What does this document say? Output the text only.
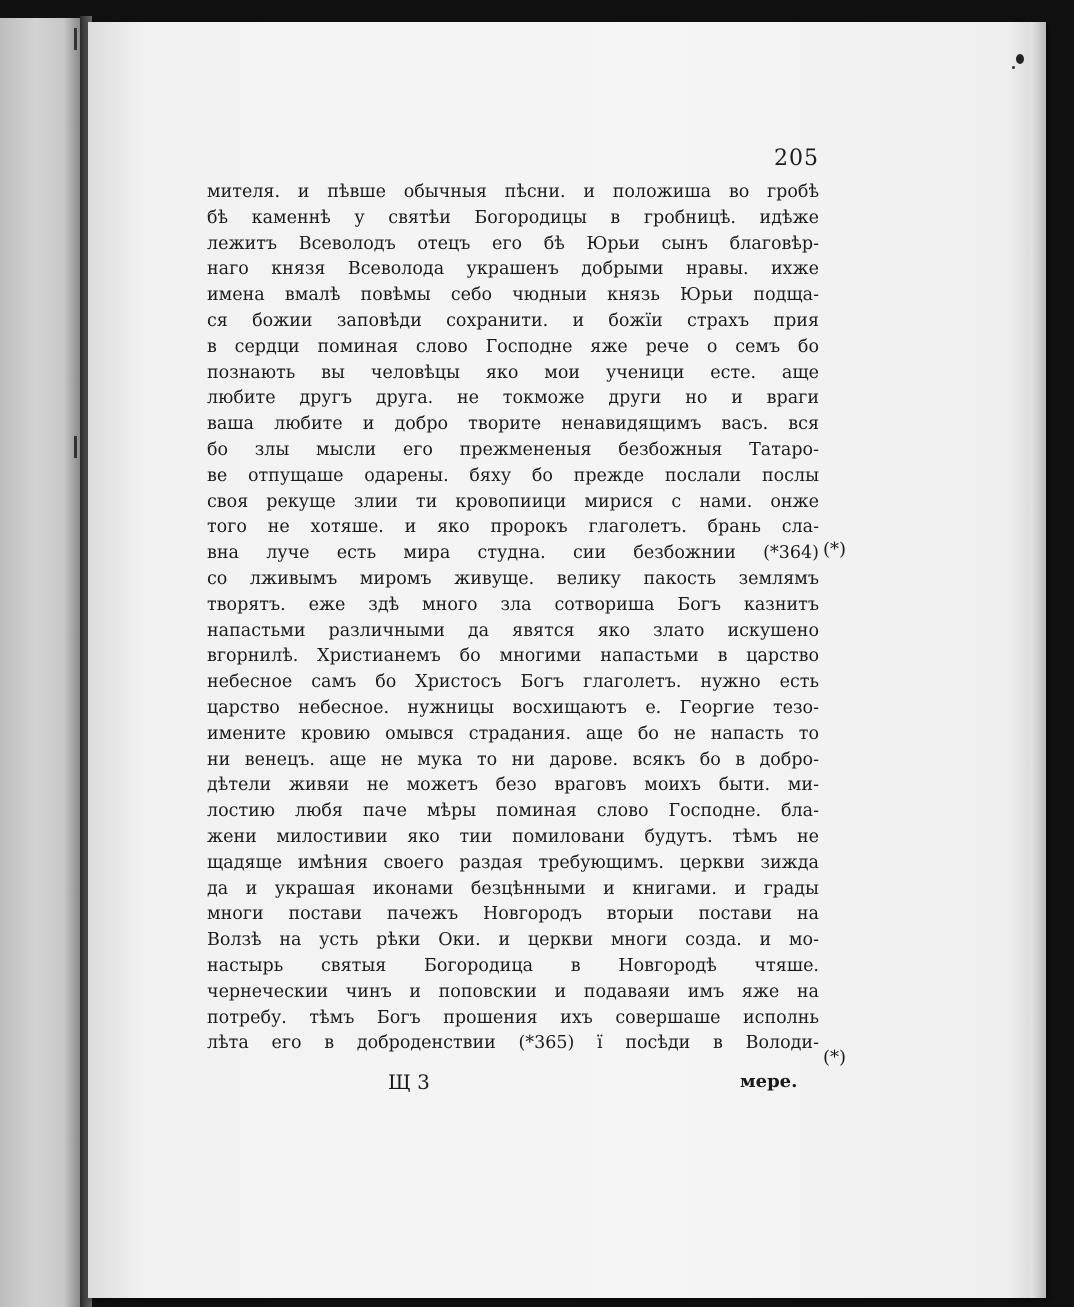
205
мителя. и пѣвше обычныя пѣсни. и положиша во гробѣ
бѣ каменнѣ у святѣи Богородицы в гробницѣ. идѣже
лежитъ Всеволодъ отецъ его бѣ Юрьи сынъ благовѣр-
наго князя Всеволода украшенъ добрыми нравы. ихже
имена вмалѣ повѣмы себо чюдныи князь Юрьи подща-
ся божии заповѣди сохранити. и божїи страхъ прия
в сердци поминая слово Господне яже рече о семъ бо
познають вы человѣцы яко мои ученици есте. аще
любите другъ друга. не токможе други но и враги
ваша любите и добро творите ненавидящимъ васъ. вся
бо злы мысли его прежмененыя безбожныя Татаро-
ве отпущаше одарены. бяху бо прежде послали послы
своя рекуще злии ти кровопиици мирися с нами. онже
того не хотяше. и яко пророкъ глаголетъ. брань сла-
вна луче есть мира студна. сии безбожнии (*364)
со лживымъ миромъ живуще. велику пакость землямъ
творятъ. еже здѣ много зла сотвориша Богъ казнитъ
напастьми различными да явятся яко злато искушено
вгорнилѣ. Христианемъ бо многими напастьми в царство
небесное самъ бо Христосъ Богъ глаголетъ. нужно есть
царство небесное. нужницы восхищаютъ е. Георгие тезо-
имените кровию омывся страдания. аще бо не напасть то
ни венецъ. аще не мука то ни дарове. всякъ бо в добро-
дѣтели живяи не можетъ безо враговъ моихъ быти. ми-
лостию любя паче мѣры поминая слово Господне. бла-
жени милостивии яко тии помиловани будутъ. тѣмъ не
щадяще имѣния своего раздая требующимъ. церкви зижда
да и украшая иконами безцѣнными и книгами. и грады
многи постави пачежъ Новгородъ вторыи постави на
Волзѣ на усть рѣки Оки. и церкви многи созда. и мо-
настырь святыя Богородица в Новгородѣ чтяше.
чернеческии чинъ и поповскии и подаваяи имъ яже на
потребу. тѣмъ Богъ прошения ихъ совершаше исполнь
лѣта его в доброденствии (*365) ї посѣди в Володи-
(*)
(*)
Щ 3	мере.
